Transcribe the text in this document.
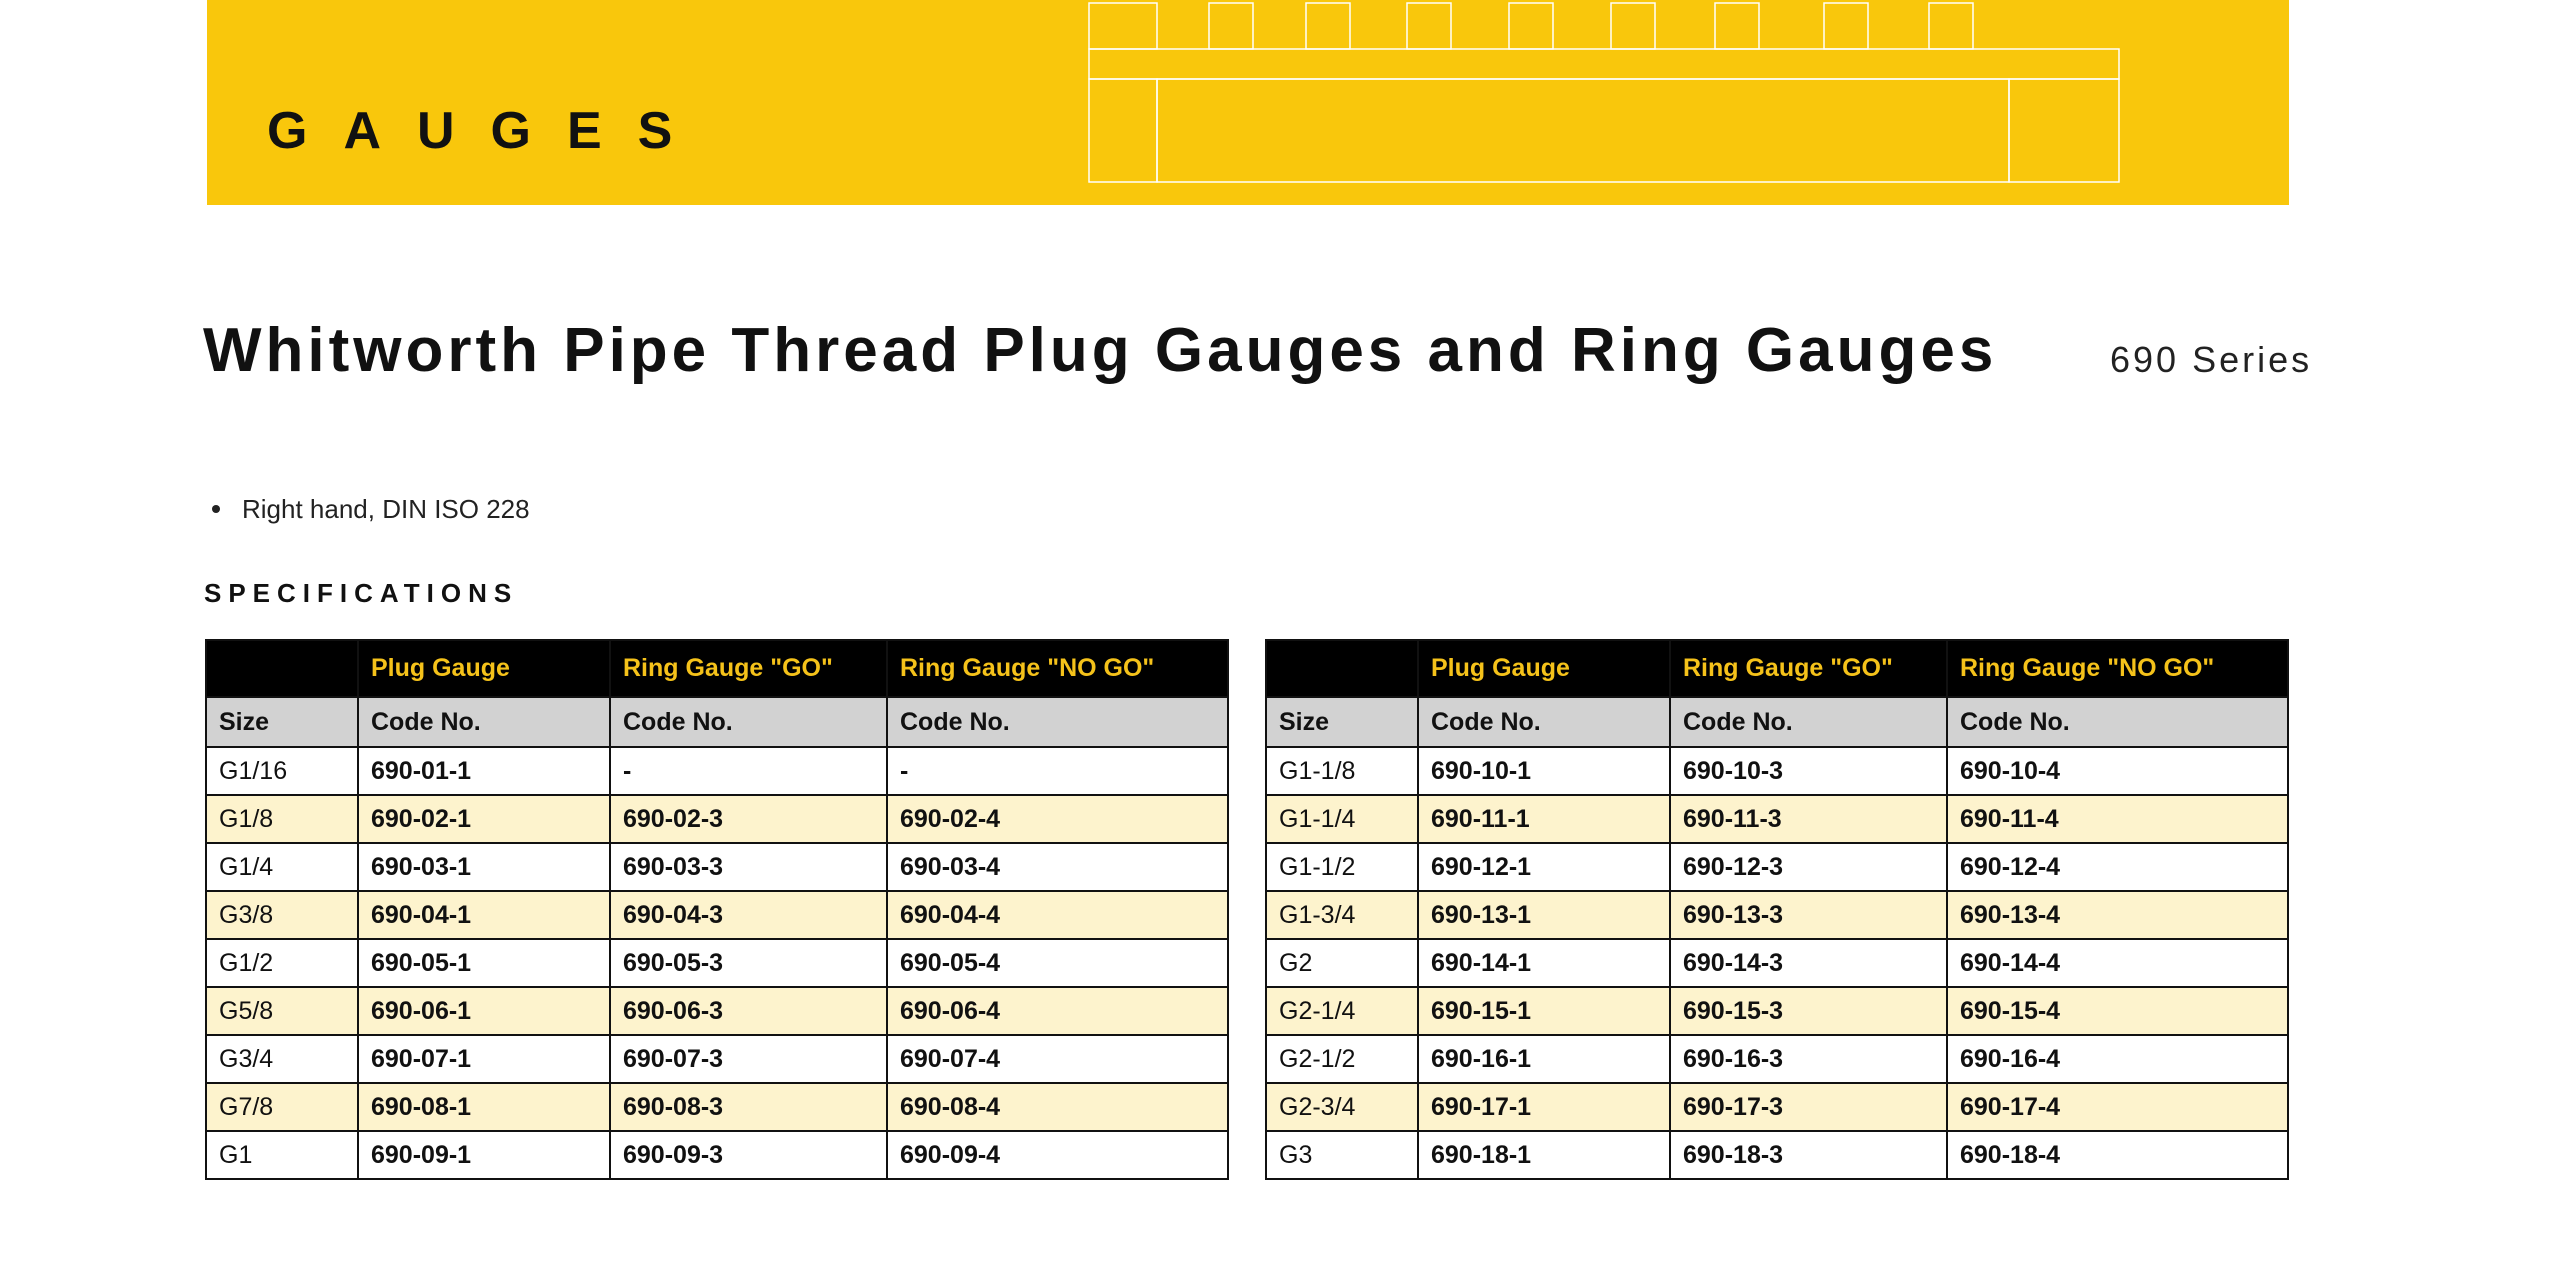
GAUGES
Whitworth Pipe Thread Plug Gauges and Ring Gauges	690 Series
Right hand, DIN ISO 228
SPECIFICATIONS
	Plug Gauge	Ring Gauge "GO"	Ring Gauge "NO GO"
Size	Code No.	Code No.	Code No.
G1/16	690-01-1	-	-
G1/8	690-02-1	690-02-3	690-02-4
G1/4	690-03-1	690-03-3	690-03-4
G3/8	690-04-1	690-04-3	690-04-4
G1/2	690-05-1	690-05-3	690-05-4
G5/8	690-06-1	690-06-3	690-06-4
G3/4	690-07-1	690-07-3	690-07-4
G7/8	690-08-1	690-08-3	690-08-4
G1	690-09-1	690-09-3	690-09-4
	Plug Gauge	Ring Gauge "GO"	Ring Gauge "NO GO"
Size	Code No.	Code No.	Code No.
G1-1/8	690-10-1	690-10-3	690-10-4
G1-1/4	690-11-1	690-11-3	690-11-4
G1-1/2	690-12-1	690-12-3	690-12-4
G1-3/4	690-13-1	690-13-3	690-13-4
G2	690-14-1	690-14-3	690-14-4
G2-1/4	690-15-1	690-15-3	690-15-4
G2-1/2	690-16-1	690-16-3	690-16-4
G2-3/4	690-17-1	690-17-3	690-17-4
G3	690-18-1	690-18-3	690-18-4
